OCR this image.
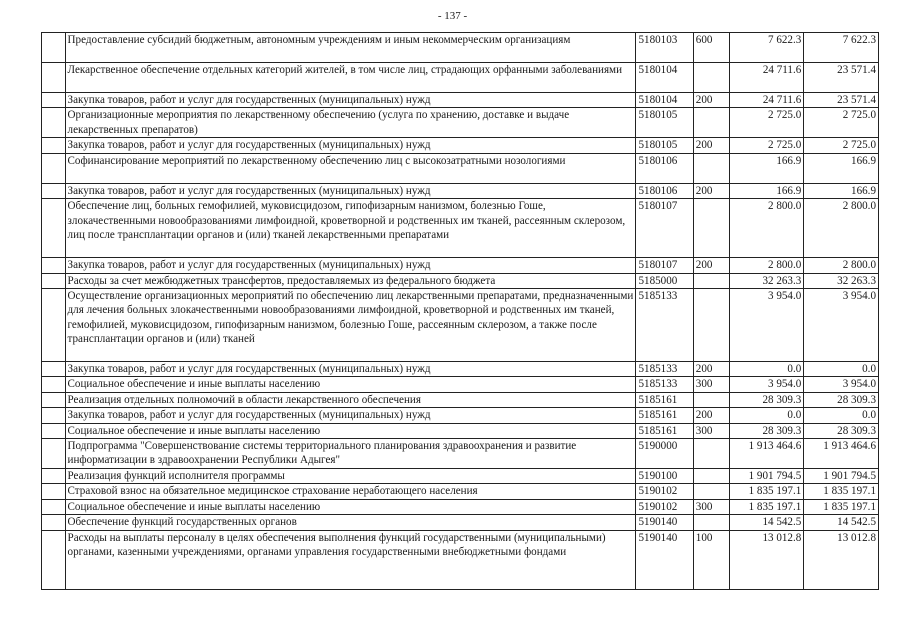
- 137 -
	Предоставление субсидий бюджетным, автономным учреждениям и иным некоммерческим организациям	5180103	600	7 622.3	7 622.3
	Лекарственное обеспечение отдельных категорий жителей, в том числе лиц, страдающих орфанными заболеваниями	5180104		24 711.6	23 571.4
	Закупка товаров, работ и услуг для государственных (муниципальных) нужд	5180104	200	24 711.6	23 571.4
	Организационные мероприятия по лекарственному обеспечению (услуга по хранению, доставке и выдаче лекарственных препаратов)	5180105		2 725.0	2 725.0
	Закупка товаров, работ и услуг для государственных (муниципальных) нужд	5180105	200	2 725.0	2 725.0
	Софинансирование мероприятий по лекарственному обеспечению лиц с высокозатратными нозологиями	5180106		166.9	166.9
	Закупка товаров, работ и услуг для государственных (муниципальных) нужд	5180106	200	166.9	166.9
	Обеспечение лиц, больных гемофилией, муковисцидозом, гипофизарным нанизмом, болезнью Гоше, злокачественными новообразованиями лимфоидной, кроветворной и родственных им тканей, рассеянным склерозом, лиц после трансплантации органов и (или) тканей лекарственными препаратами	5180107		2 800.0	2 800.0
	Закупка товаров, работ и услуг для государственных (муниципальных) нужд	5180107	200	2 800.0	2 800.0
	Расходы за счет межбюджетных трансфертов, предоставляемых из федерального бюджета	5185000		32 263.3	32 263.3
	Осуществление организационных мероприятий по обеспечению лиц лекарственными препаратами, предназначенными для лечения больных злокачественными новообразованиями лимфоидной, кроветворной и родственных им тканей, гемофилией, муковисцидозом, гипофизарным нанизмом, болезнью Гоше, рассеянным склерозом, а также после трансплантации органов и (или) тканей	5185133		3 954.0	3 954.0
	Закупка товаров, работ и услуг для государственных (муниципальных) нужд	5185133	200	0.0	0.0
	Социальное обеспечение и иные выплаты населению	5185133	300	3 954.0	3 954.0
	Реализация отдельных полномочий в области лекарственного обеспечения	5185161		28 309.3	28 309.3
	Закупка товаров, работ и услуг для государственных (муниципальных) нужд	5185161	200	0.0	0.0
	Социальное обеспечение и иные выплаты населению	5185161	300	28 309.3	28 309.3
	Подпрограмма "Совершенствование системы территориального планирования здравоохранения и развитие информатизации в здравоохранении Республики Адыгея"	5190000		1 913 464.6	1 913 464.6
	Реализация функций исполнителя программы	5190100		1 901 794.5	1 901 794.5
	Страховой взнос на обязательное медицинское страхование неработающего населения	5190102		1 835 197.1	1 835 197.1
	Социальное обеспечение и иные выплаты населению	5190102	300	1 835 197.1	1 835 197.1
	Обеспечение функций государственных органов	5190140		14 542.5	14 542.5
	Расходы на выплаты персоналу в целях обеспечения выполнения функций государственными (муниципальными) органами, казенными учреждениями, органами управления государственными внебюджетными фондами	5190140	100	13 012.8	13 012.8
